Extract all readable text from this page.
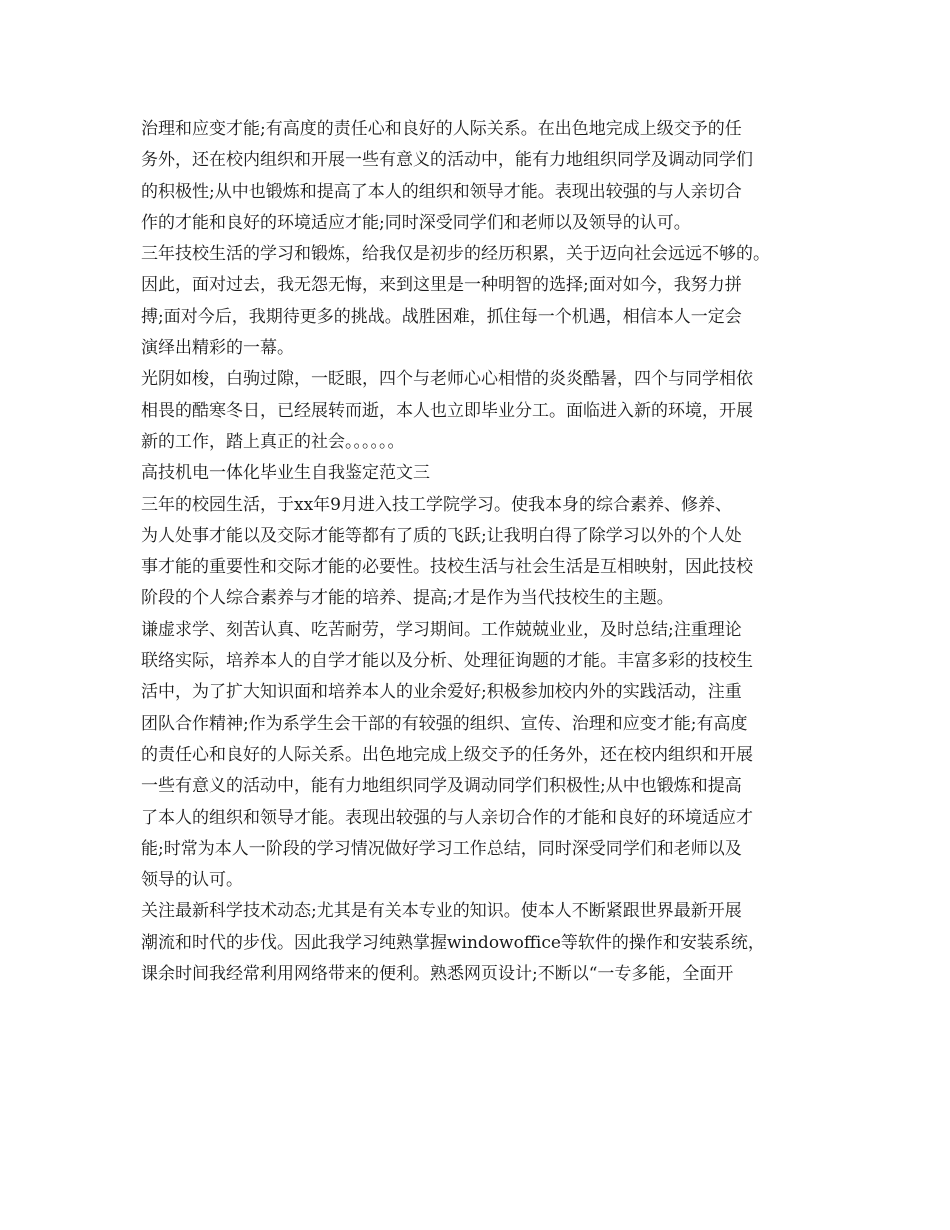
治理和应变才能;有高度的责任心和良好的人际关系。在出色地完成上级交予的任
务外，还在校内组织和开展一些有意义的活动中，能有力地组织同学及调动同学们
的积极性;从中也锻炼和提高了本人的组织和领导才能。表现出较强的与人亲切合
作的才能和良好的环境适应才能;同时深受同学们和老师以及领导的认可。
三年技校生活的学习和锻炼，给我仅是初步的经历积累，关于迈向社会远远不够的。
因此，面对过去，我无怨无悔，来到这里是一种明智的选择;面对如今，我努力拼
搏;面对今后，我期待更多的挑战。战胜困难，抓住每一个机遇，相信本人一定会
演绎出精彩的一幕。
光阴如梭，白驹过隙，一眨眼，四个与老师心心相惜的炎炎酷暑，四个与同学相依
相畏的酷寒冬日，已经展转而逝，本人也立即毕业分工。面临进入新的环境，开展
新的工作，踏上真正的社会。。。。。。
高技机电一体化毕业生自我鉴定范文三
三年的校园生活，于xx年9月进入技工学院学习。使我本身的综合素养、修养、
为人处事才能以及交际才能等都有了质的飞跃;让我明白得了除学习以外的个人处
事才能的重要性和交际才能的必要性。技校生活与社会生活是互相映射，因此技校
阶段的个人综合素养与才能的培养、提高;才是作为当代技校生的主题。
谦虚求学、刻苦认真、吃苦耐劳，学习期间。工作兢兢业业，及时总结;注重理论
联络实际，培养本人的自学才能以及分析、处理征询题的才能。丰富多彩的技校生
活中，为了扩大知识面和培养本人的业余爱好;积极参加校内外的实践活动，注重
团队合作精神;作为系学生会干部的有较强的组织、宣传、治理和应变才能;有高度
的责任心和良好的人际关系。出色地完成上级交予的任务外，还在校内组织和开展
一些有意义的活动中，能有力地组织同学及调动同学们积极性;从中也锻炼和提高
了本人的组织和领导才能。表现出较强的与人亲切合作的才能和良好的环境适应才
能;时常为本人一阶段的学习情况做好学习工作总结，同时深受同学们和老师以及
领导的认可。
关注最新科学技术动态;尤其是有关本专业的知识。使本人不断紧跟世界最新开展
潮流和时代的步伐。因此我学习纯熟掌握windowoffice等软件的操作和安装系统，
课余时间我经常利用网络带来的便利。熟悉网页设计;不断以“一专多能，全面开
